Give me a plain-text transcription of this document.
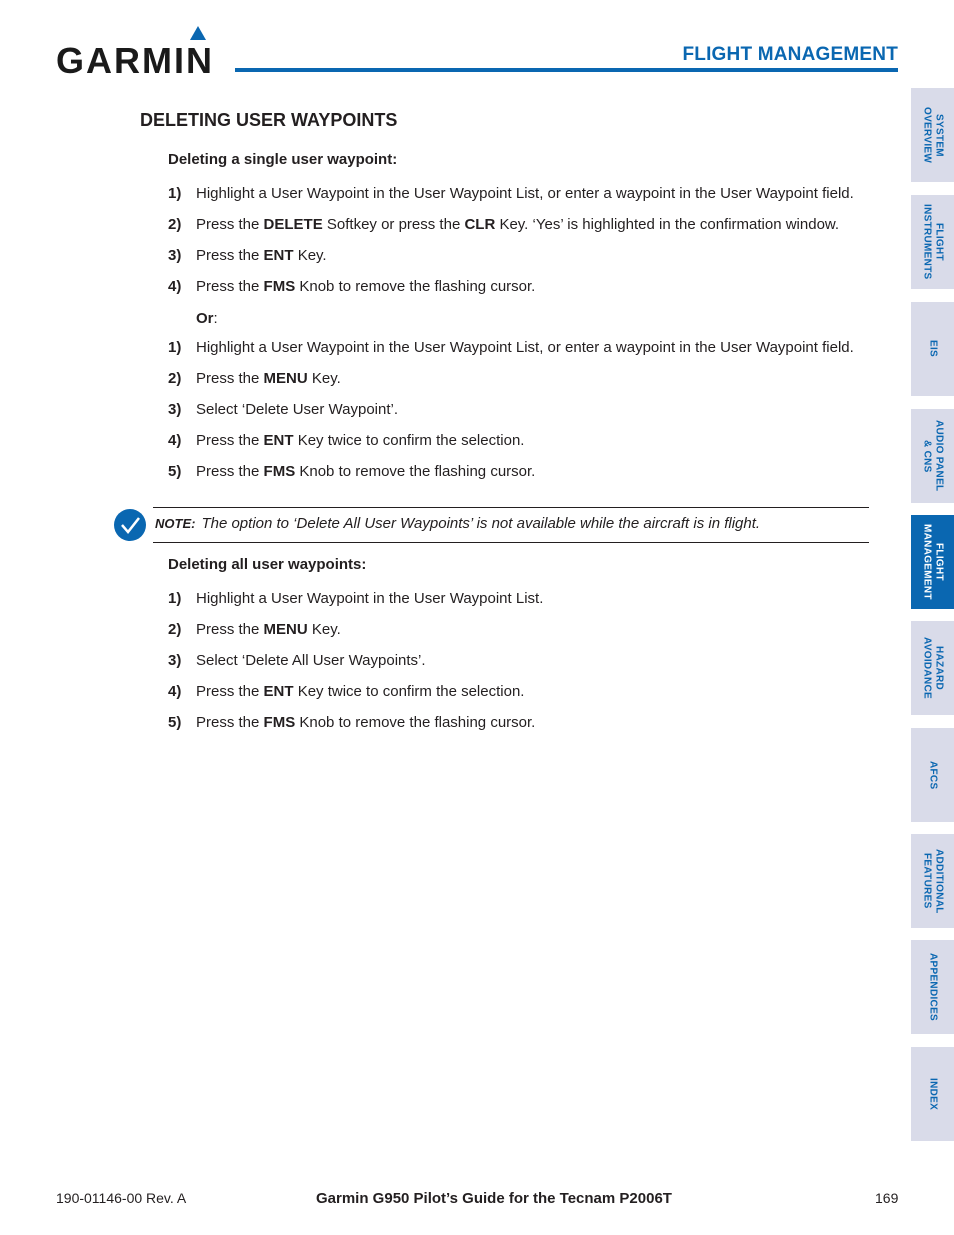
GARMIN	FLIGHT MANAGEMENT
DELETING USER WAYPOINTS
Deleting a single user waypoint:
1) Highlight a User Waypoint in the User Waypoint List, or enter a waypoint in the User Waypoint field.
2) Press the DELETE Softkey or press the CLR Key. ‘Yes’ is highlighted in the confirmation window.
3) Press the ENT Key.
4) Press the FMS Knob to remove the flashing cursor.
Or:
1) Highlight a User Waypoint in the User Waypoint List, or enter a waypoint in the User Waypoint field.
2) Press the MENU Key.
3) Select ‘Delete User Waypoint’.
4) Press the ENT Key twice to confirm the selection.
5) Press the FMS Knob to remove the flashing cursor.
NOTE: The option to ‘Delete All User Waypoints’ is not available while the aircraft is in flight.
Deleting all user waypoints:
1) Highlight a User Waypoint in the User Waypoint List.
2) Press the MENU Key.
3) Select ‘Delete All User Waypoints’.
4) Press the ENT Key twice to confirm the selection.
5) Press the FMS Knob to remove the flashing cursor.
SYSTEM
OVERVIEW
FLIGHT
INSTRUMENTS
EIS
AUDIO PANEL
& CNS
FLIGHT
MANAGEMENT
HAZARD
AVOIDANCE
AFCS
ADDITIONAL
FEATURES
APPENDICES
INDEX
190-01146-00 Rev. A	Garmin G950 Pilot’s Guide for the Tecnam P2006T	169
